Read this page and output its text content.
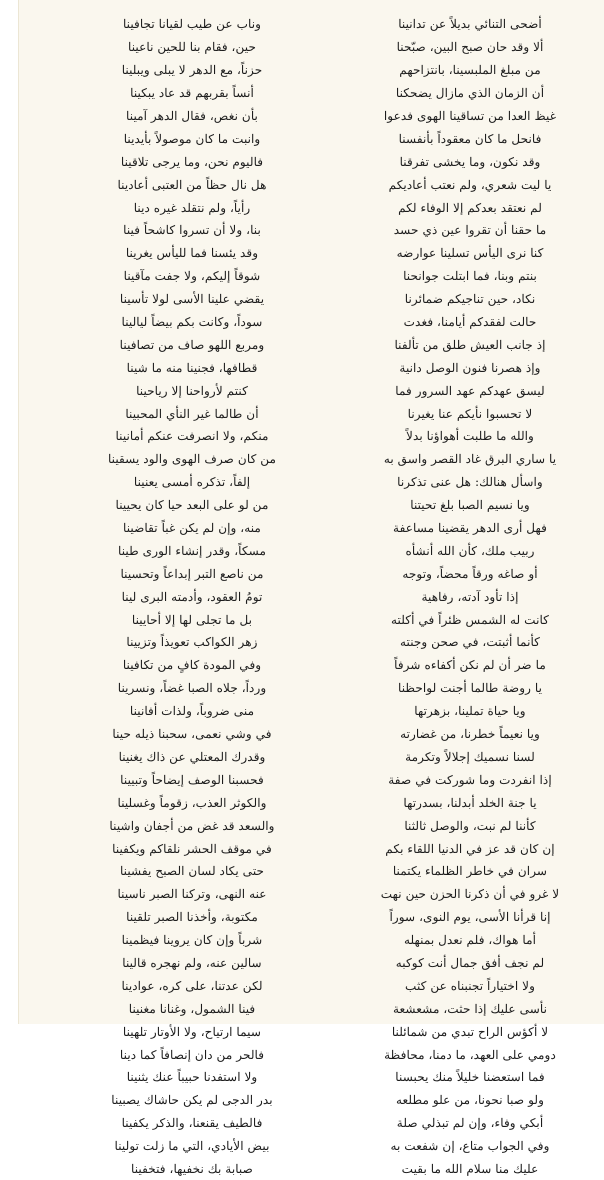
وناب عن طيب لقيانا تجافينا	أضحى التنائي بديلاً عن تدانينا
حين، فقام بنا للحين ناعينا	ألا وقد حان صبح البين، صبّحنا
حزناً، مع الدهر لا يبلى ويبلينا	من مبلغ الملبسينا، بانتزاحهم
أنساً بقربهم قد عاد يبكينا	أن الزمان الذي مازال يضحكنا
بأن نغص، فقال الدهر آمينا	غيظ العدا من تساقينا الهوى فدعوا
وانبت ما كان موصولاً بأيدينا	فانحل ما كان معقوداً بأنفسنا
فاليوم نحن، وما يرجى تلاقينا	وقد نكون، وما يخشى تفرقنا
هل نال حظاً من العتبى أعادينا	يا ليت شعري، ولم نعتب أعاديكم
رأياً، ولم نتقلد غيره دينا	لم نعتقد بعدكم إلا الوفاء لكم
بنا، ولا أن تسروا كاشحاً فينا	ما حقنا أن تقروا عين ذي حسد
وقد يئسنا فما لليأس يغرينا	كنا نرى اليأس تسلينا عوارضه
شوقاً إليكم، ولا جفت مآقينا	بنتم وبنا، فما ابتلت جوانحنا
يقضي علينا الأسى لولا تأسينا	نكاد، حين تناجيكم ضمائرنا
سوداً، وكانت بكم بيضاً ليالينا	حالت لفقدكم أيامنا، فغدت
ومربع اللهو صاف من تصافينا	إذ جانب العيش طلق من تألفنا
قطافها، فجنينا منه ما شينا	وإذ هصرنا فنون الوصل دانية
كنتم لأرواحنا إلا رياحينا	ليسق عهدكم عهد السرور فما
أن طالما غير النأي المحبينا	لا تحسبوا نأيكم عنا يغيرنا
منكم، ولا انصرفت عنكم أمانينا	والله ما طلبت أهواؤنا بدلاً
من كان صرف الهوى والود يسقينا	يا ساري البرق غاد القصر واسق به
إلفاً، تذكره أمسى يعنينا	واسأل هنالك: هل عنى تذكرنا
من لو على البعد حيا كان يحيينا	ويا نسيم الصبا بلغ تحيتنا
منه، وإن لم يكن غباً تقاضينا	فهل أرى الدهر يقضينا مساعفة
مسكاً، وقدر إنشاء الورى طينا	ربيب ملك، كأن الله أنشأه
من ناصع التبر إبداعاً وتحسينا	أو صاغه ورقاً محضاً، وتوجه
تومُ العقود، وأدمته البرى لينا	إذا تأود آدته، رفاهية
بل ما تجلى لها إلا أحايينا	كانت له الشمس ظئراً في أكلته
زهر الكواكب تعويذاً وتزيينا	كأنما أثبتت، في صحن وجنته
وفي المودة كافٍ من تكافينا	ما ضر أن لم نكن أكفاءه شرفاً
ورداً، جلاه الصبا غضاً، ونسرينا	يا روضة طالما أجنت لواحظنا
منى ضروباً، ولذات أفانينا	ويا حياة تملينا، بزهرتها
في وشي نعمى، سحبنا ذيله حينا	ويا نعيماً خطرنا، من غضارته
وقدرك المعتلي عن ذاك يغنينا	لسنا نسميك إجلالاً وتكرمة
فحسبنا الوصف إيضاحاً وتبيينا	إذا انفردت وما شوركت في صفة
والكوثر العذب، زقوماً وغسلينا	يا جنة الخلد أبدلنا، بسدرتها
والسعد قد غض من أجفان واشينا	كأننا لم نبت، والوصل ثالثنا
في موقف الحشر نلقاكم ويكفينا	إن كان قد عز في الدنيا اللقاء بكم
حتى يكاد لسان الصبح يفشينا	سران في خاطر الظلماء يكتمنا
عنه النهى، وتركنا الصبر ناسينا	لا غرو في أن ذكرنا الحزن حين نهت
مكتوبة، وأخذنا الصبر تلقينا	إنا قرأنا الأسى، يوم النوى، سوراً
شرباً وإن كان يروينا فيظمينا	أما هواك، فلم نعدل بمنهله
سالين عنه، ولم نهجره قالينا	لم نجف أفق جمال أنت كوكبه
لكن عدتنا، على كره، عوادينا	ولا اختياراً تجنبناه عن كثب
فينا الشمول، وغنانا مغنينا	نأسى عليك إذا حثت، مشعشعة
سيما ارتياح، ولا الأوتار تلهينا	لا أكؤس الراح تبدي من شمائلنا
فالحر من دان إنصافاً كما دينا	دومي على العهد، ما دمنا، محافظة
ولا استفدنا حبيباً عنك يثنينا	فما استعضنا خليلاً منك يحبسنا
بدر الدجى لم يكن حاشاك يصبينا	ولو صبا نحونا، من علو مطلعه
فالطيف يقنعنا، والذكر يكفينا	أبكي وفاء، وإن لم تبذلي صلة
بيض الأيادي، التي ما زلت تولينا	وفي الجواب متاع، إن شفعت به
صبابة بك نخفيها، فتخفينا	عليك منا سلام الله ما بقيت
